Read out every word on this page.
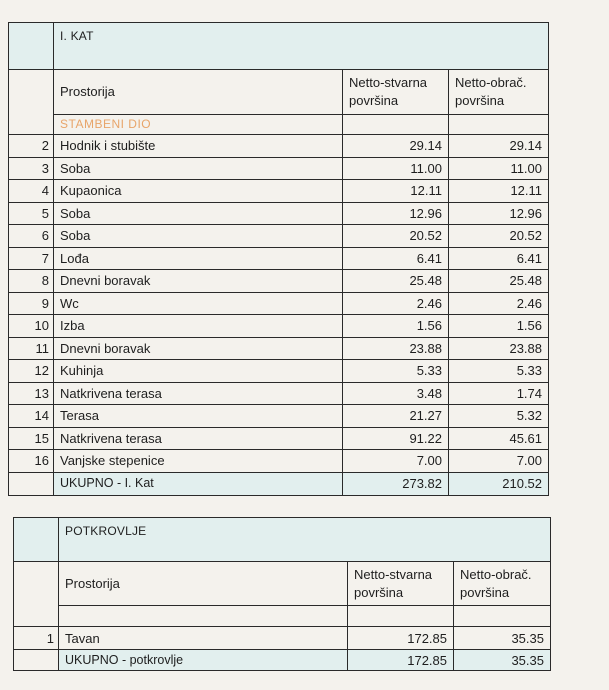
	I. KAT		
	Prostorija	Netto-stvarna površina	Netto-obrač. površina
	STAMBENI DIO		
2	Hodnik i stubište	29.14	29.14
3	Soba	11.00	11.00
4	Kupaonica	12.11	12.11
5	Soba	12.96	12.96
6	Soba	20.52	20.52
7	Lođa	6.41	6.41
8	Dnevni boravak	25.48	25.48
9	Wc	2.46	2.46
10	Izba	1.56	1.56
11	Dnevni boravak	23.88	23.88
12	Kuhinja	5.33	5.33
13	Natkrivena terasa	3.48	1.74
14	Terasa	21.27	5.32
15	Natkrivena terasa	91.22	45.61
16	Vanjske stepenice	7.00	7.00
	UKUPNO - I. Kat	273.82	210.52
	POTKROVLJE		
	Prostorija	Netto-stvarna površina	Netto-obrač. površina

1	Tavan	172.85	35.35
	UKUPNO - potkrovlje	172.85	35.35
